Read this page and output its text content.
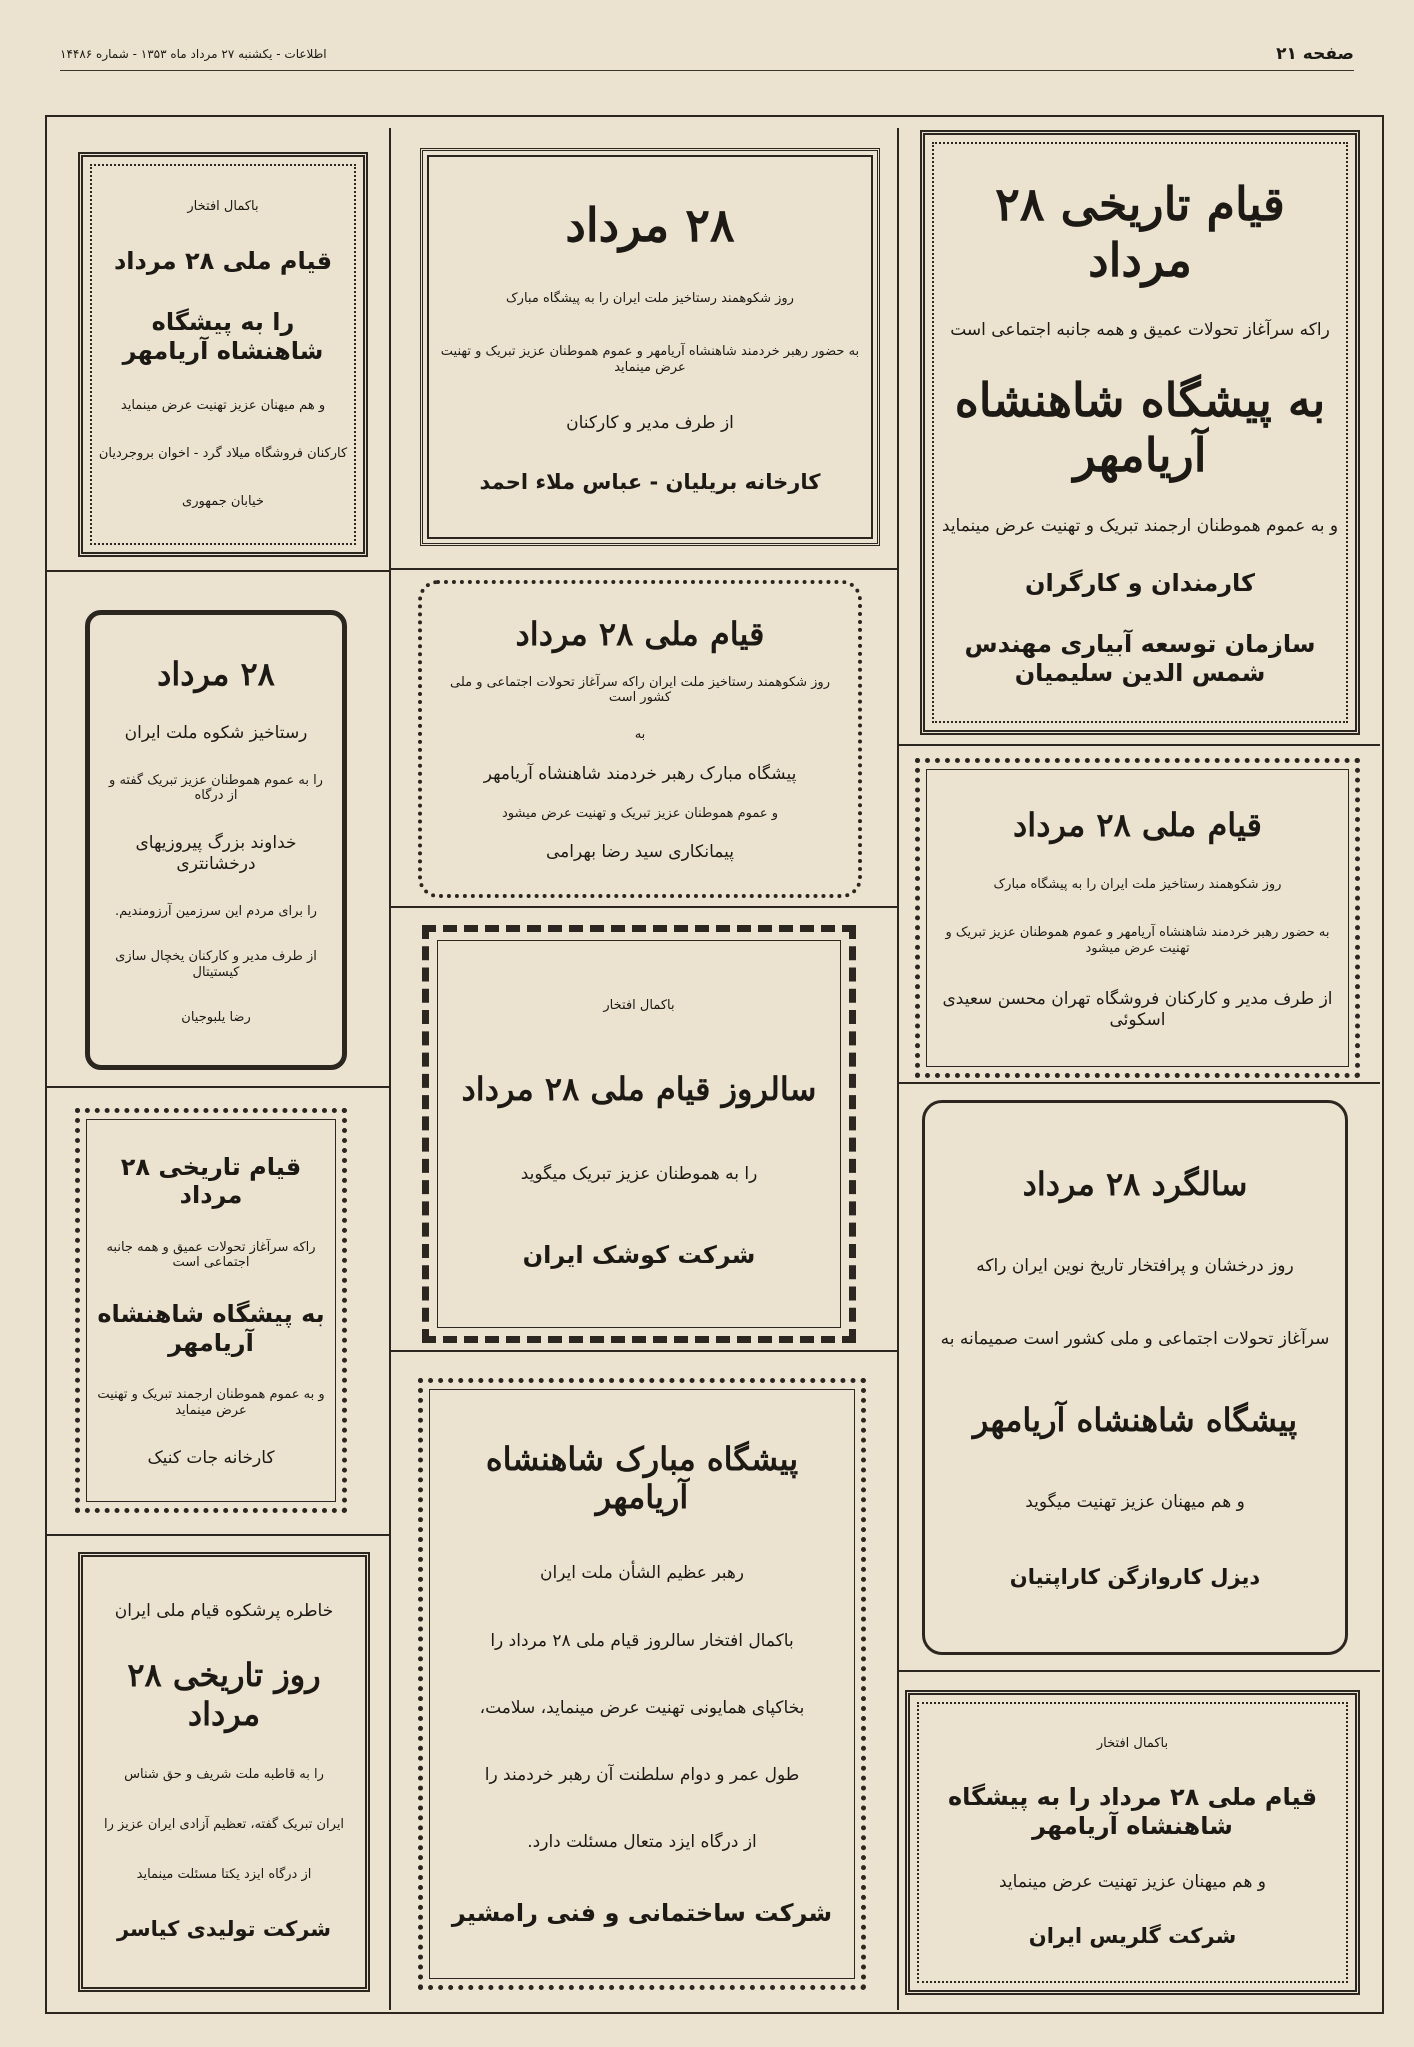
صفحه ۲۱
اطلاعات - یکشنبه ۲۷ مرداد ماه ۱۳۵۳ - شماره ۱۴۴۸۶
قیام تاریخی ۲۸ مرداد
راکه سرآغاز تحولات عمیق و همه جانبه اجتماعی است
به پیشگاه شاهنشاه آریامهر
و به عموم هموطنان ارجمند تبریک و تهنیت عرض مینماید
کارمندان و کارگران
سازمان توسعه آبیاری مهندس شمس الدین سلیمیان
قیام ملی ۲۸ مرداد
روز شکوهمند رستاخیز ملت ایران را به پیشگاه مبارک
به حضور رهبر خردمند شاهنشاه آریامهر و عموم هموطنان عزیز تبریک و تهنیت عرض میشود
از طرف مدیر و کارکنان فروشگاه تهران محسن سعیدی اسکوئی
سالگرد ۲۸ مرداد
روز درخشان و پرافتخار تاریخ نوین ایران راکه
سرآغاز تحولات اجتماعی و ملی کشور است صمیمانه به
پیشگاه شاهنشاه آریامهر
و هم میهنان عزیز تهنیت میگوید
دیزل کاروازگن کاراپتیان
باکمال افتخار
قیام ملی ۲۸ مرداد را به پیشگاه شاهنشاه آریامهر
و هم میهنان عزیز تهنیت عرض مینماید
شرکت گلریس ایران
۲۸ مرداد
روز شکوهمند رستاخیز ملت ایران را به پیشگاه مبارک
به حضور رهبر خردمند شاهنشاه آریامهر و عموم هموطنان عزیز تبریک و تهنیت عرض مینماید
از طرف مدیر و کارکنان
کارخانه بریلیان - عباس ملاء احمد
قیام ملی ۲۸ مرداد
روز شکوهمند رستاخیز ملت ایران راکه سرآغاز تحولات اجتماعی و ملی کشور است
به
پیشگاه مبارک رهبر خردمند شاهنشاه آریامهر
و عموم هموطنان عزیز تبریک و تهنیت عرض میشود
پیمانکاری سید رضا بهرامی
باکمال افتخار
سالروز قیام ملی ۲۸ مرداد
را به هموطنان عزیز تبریک میگوید
شرکت کوشک ایران
پیشگاه مبارک شاهنشاه آریامهر
رهبر عظیم الشأن ملت ایران
باکمال افتخار سالروز قیام ملی ۲۸ مرداد را
بخاکپای همایونی تهنیت عرض مینماید، سلامت،
طول عمر و دوام سلطنت آن رهبر خردمند را
از درگاه ایزد متعال مسئلت دارد.
شرکت ساختمانی و فنی رامشیر
باکمال افتخار
قیام ملی ۲۸ مرداد
را به پیشگاه شاهنشاه آریامهر
و هم میهنان عزیز تهنیت عرض مینماید
کارکنان فروشگاه میلاد گرد - اخوان بروجردیان
خیابان جمهوری
۲۸ مرداد
رستاخیز شکوه ملت ایران
را به عموم هموطنان عزیز تبریک گفته و از درگاه
خداوند بزرگ پیروزیهای درخشانتری
را برای مردم این سرزمین آرزومندیم.
از طرف مدیر و کارکنان یخچال سازی کیستیتال
رضا یلبوجیان
قیام تاریخی ۲۸ مرداد
راکه سرآغاز تحولات عمیق و همه جانبه اجتماعی است
به پیشگاه شاهنشاه آریامهر
و به عموم هموطنان ارجمند تبریک و تهنیت عرض مینماید
کارخانه جات کنیک
خاطره پرشکوه قیام ملی ایران
روز تاریخی ۲۸ مرداد
را به قاطبه ملت شریف و حق شناس
ایران تبریک گفته، تعظیم آزادی ایران عزیز را
از درگاه ایزد یکتا مسئلت مینماید
شرکت تولیدی کیاسر
